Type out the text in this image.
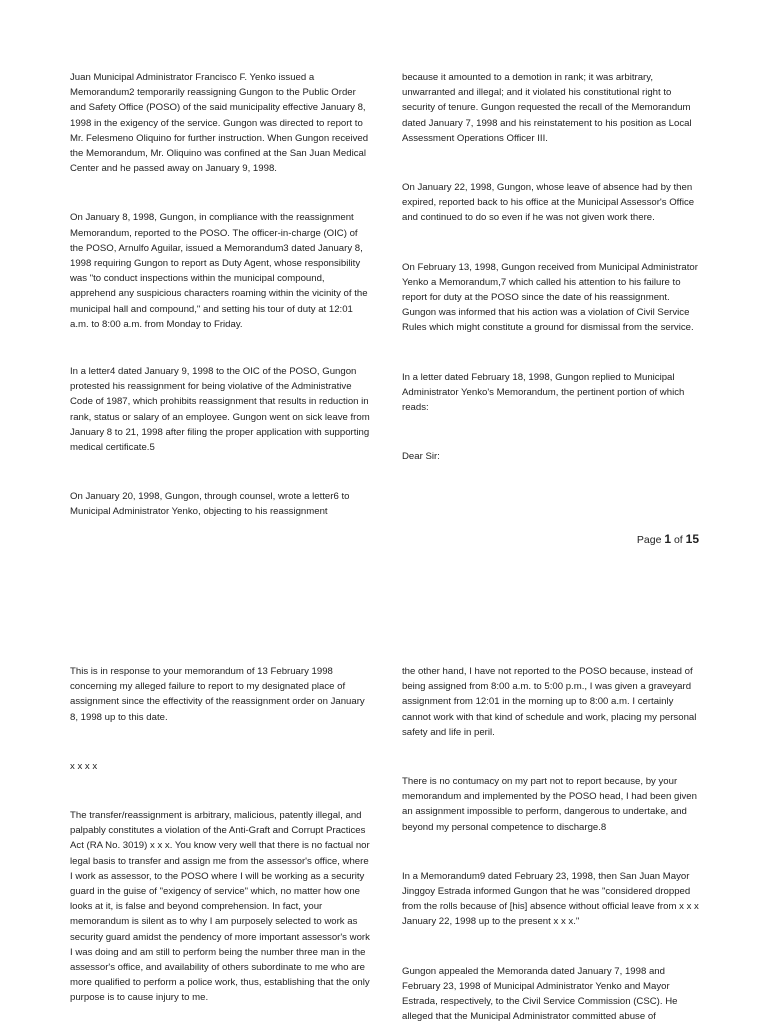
Juan Municipal Administrator Francisco F. Yenko issued a Memorandum2 temporarily reassigning Gungon to the Public Order and Safety Office (POSO) of the said municipality effective January 8, 1998 in the exigency of the service. Gungon was directed to report to Mr. Felesmeno Oliquino for further instruction. When Gungon received the Memorandum, Mr. Oliquino was confined at the San Juan Medical Center and he passed away on January 9, 1998.

On January 8, 1998, Gungon, in compliance with the reassignment Memorandum, reported to the POSO. The officer-in-charge (OIC) of the POSO, Arnulfo Aguilar, issued a Memorandum3 dated January 8, 1998 requiring Gungon to report as Duty Agent, whose responsibility was "to conduct inspections within the municipal compound, apprehend any suspicious characters roaming within the vicinity of the municipal hall and compound," and setting his tour of duty at 12:01 a.m. to 8:00 a.m. from Monday to Friday.

In a letter4 dated January 9, 1998 to the OIC of the POSO, Gungon protested his reassignment for being violative of the Administrative Code of 1987, which prohibits reassignment that results in reduction in rank, status or salary of an employee. Gungon went on sick leave from January 8 to 21, 1998 after filing the proper application with supporting medical certificate.5

On January 20, 1998, Gungon, through counsel, wrote a letter6 to Municipal Administrator Yenko, objecting to his reassignment

because it amounted to a demotion in rank; it was arbitrary, unwarranted and illegal; and it violated his constitutional right to security of tenure. Gungon requested the recall of the Memorandum dated January 7, 1998 and his reinstatement to his position as Local Assessment Operations Officer III.

On January 22, 1998, Gungon, whose leave of absence had by then expired, reported back to his office at the Municipal Assessor's Office and continued to do so even if he was not given work there.

On February 13, 1998, Gungon received from Municipal Administrator Yenko a Memorandum,7 which called his attention to his failure to report for duty at the POSO since the date of his reassignment. Gungon was informed that his action was a violation of Civil Service Rules which might constitute a ground for dismissal from the service.

In a letter dated February 18, 1998, Gungon replied to Municipal Administrator Yenko's Memorandum, the pertinent portion of which reads:

Dear Sir:

Page 1 of 15

This is in response to your memorandum of 13 February 1998 concerning my alleged failure to report to my designated place of assignment since the effectivity of the reassignment order on January 8, 1998 up to this date.

x x x x

The transfer/reassignment is arbitrary, malicious, patently illegal, and palpably constitutes a violation of the Anti-Graft and Corrupt Practices Act (RA No. 3019) x x x. You know very well that there is no factual nor legal basis to transfer and assign me from the assessor's office, where I work as assessor, to the POSO where I will be working as a security guard in the guise of "exigency of service" which, no matter how one looks at it, is false and beyond comprehension. In fact, your memorandum is silent as to why I am purposely selected to work as security guard amidst the pendency of more important assessor's work I was doing and am still to perform being the number three man in the assessor's office, and availability of others subordinate to me who are more qualified to perform a police work, thus, establishing that the only purpose is to cause injury to me.

the other hand, I have not reported to the POSO because, instead of being assigned from 8:00 a.m. to 5:00 p.m., I was given a graveyard assignment from 12:01 in the morning up to 8:00 a.m. I certainly cannot work with that kind of schedule and work, placing my personal safety and life in peril.

There is no contumacy on my part not to report because, by your memorandum and implemented by the POSO head, I had been given an assignment impossible to perform, dangerous to undertake, and beyond my personal competence to discharge.8

In a Memorandum9 dated February 23, 1998, then San Juan Mayor Jinggoy Estrada informed Gungon that he was "considered dropped from the rolls because of [his] absence without official leave from x x x January 22, 1998 up to the present x x x."

Gungon appealed the Memoranda dated January 7, 1998 and February 23, 1998 of Municipal Administrator Yenko and Mayor Estrada, respectively, to the Civil Service Commission (CSC). He alleged that the Municipal Administrator committed abuse of
